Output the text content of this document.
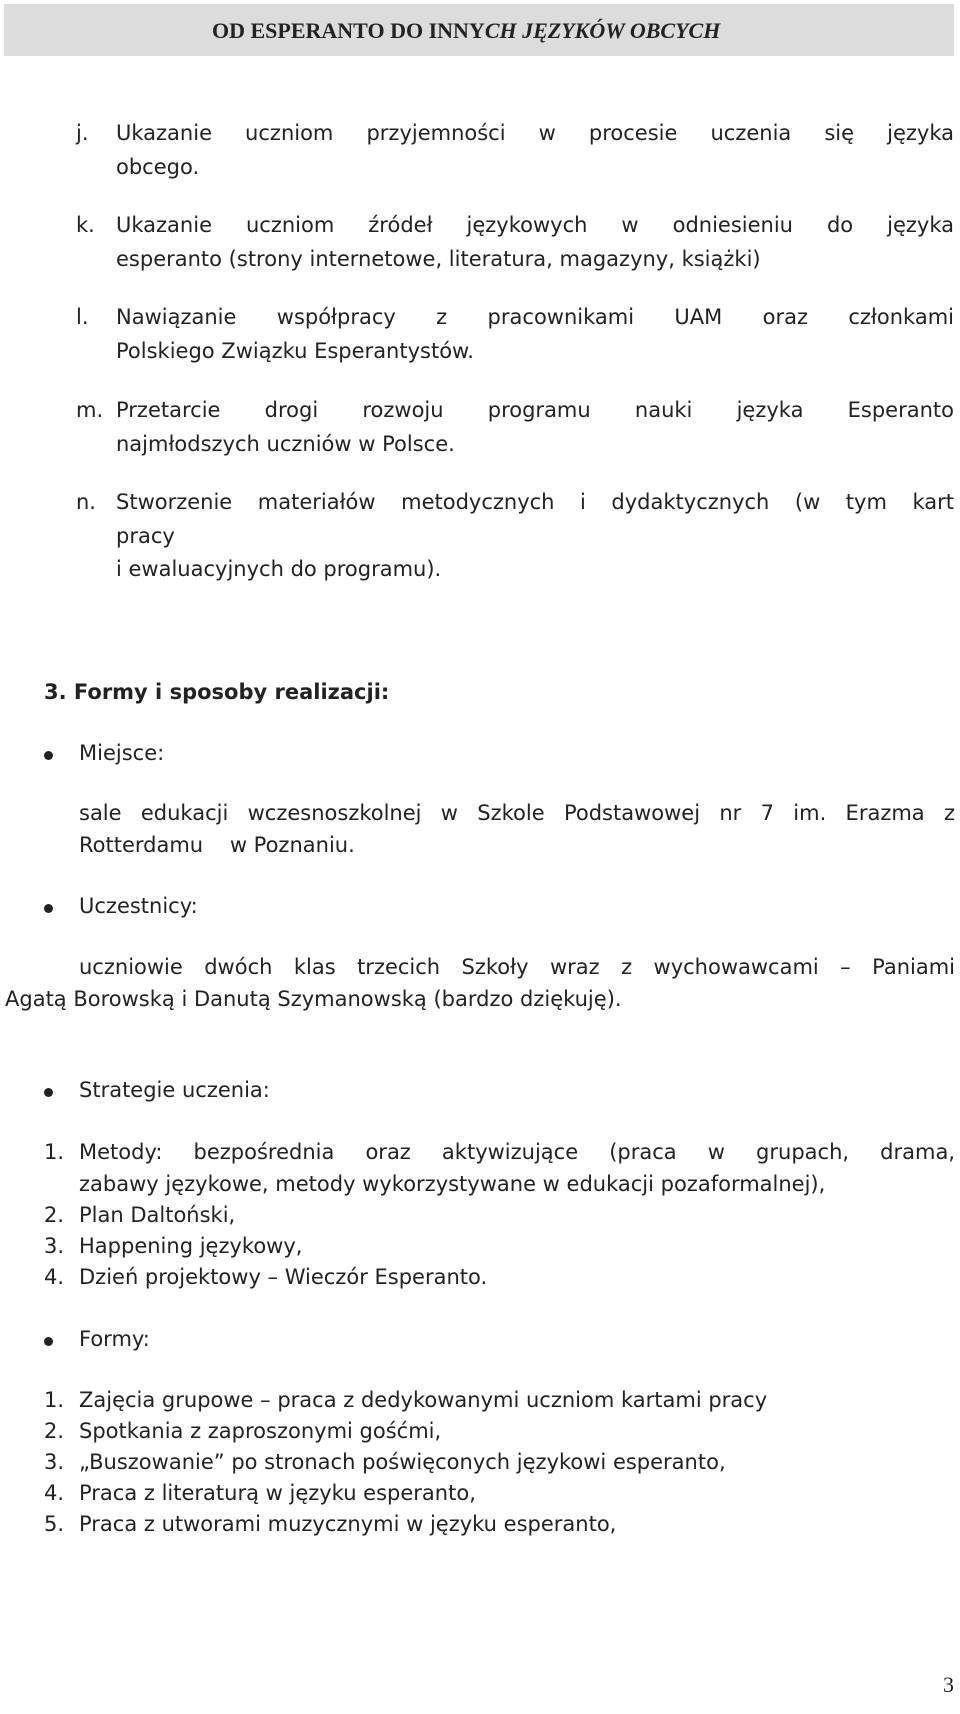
OD ESPERANTO DO INNYCH JĘZYKÓW OBCYCH
j. Ukazanie uczniom przyjemności w procesie uczenia się języka
obcego.
k. Ukazanie uczniom źródeł językowych w odniesieniu do języka
esperanto (strony internetowe, literatura, magazyny, książki)
l. Nawiązanie współpracy z pracownikami UAM oraz członkami
Polskiego Związku Esperantystów.
m. Przetarcie drogi rozwoju programu nauki języka Esperanto
najmłodszych uczniów w Polsce.
n. Stworzenie materiałów metodycznych i dydaktycznych (w tym kart
pracy
i ewaluacyjnych do programu).
3. Formy i sposoby realizacji:
Miejsce:
sale edukacji wczesnoszkolnej w Szkole Podstawowej nr 7 im. Erazma z
Rotterdamu    w Poznaniu.
Uczestnicy:
uczniowie dwóch klas trzecich Szkoły wraz z wychowawcami – Paniami
Agatą Borowską i Danutą Szymanowską (bardzo dziękuję).
Strategie uczenia:
1. Metody: bezpośrednia oraz aktywizujące (praca w grupach, drama,
zabawy językowe, metody wykorzystywane w edukacji pozaformalnej),
2. Plan Daltoński,
3. Happening językowy,
4. Dzień projektowy – Wieczór Esperanto.
Formy:
1. Zajęcia grupowe – praca z dedykowanymi uczniom kartami pracy
2. Spotkania z zaproszonymi gośćmi,
3. „Buszowanie” po stronach poświęconych językowi esperanto,
4. Praca z literaturą w języku esperanto,
5. Praca z utworami muzycznymi w języku esperanto,
3
